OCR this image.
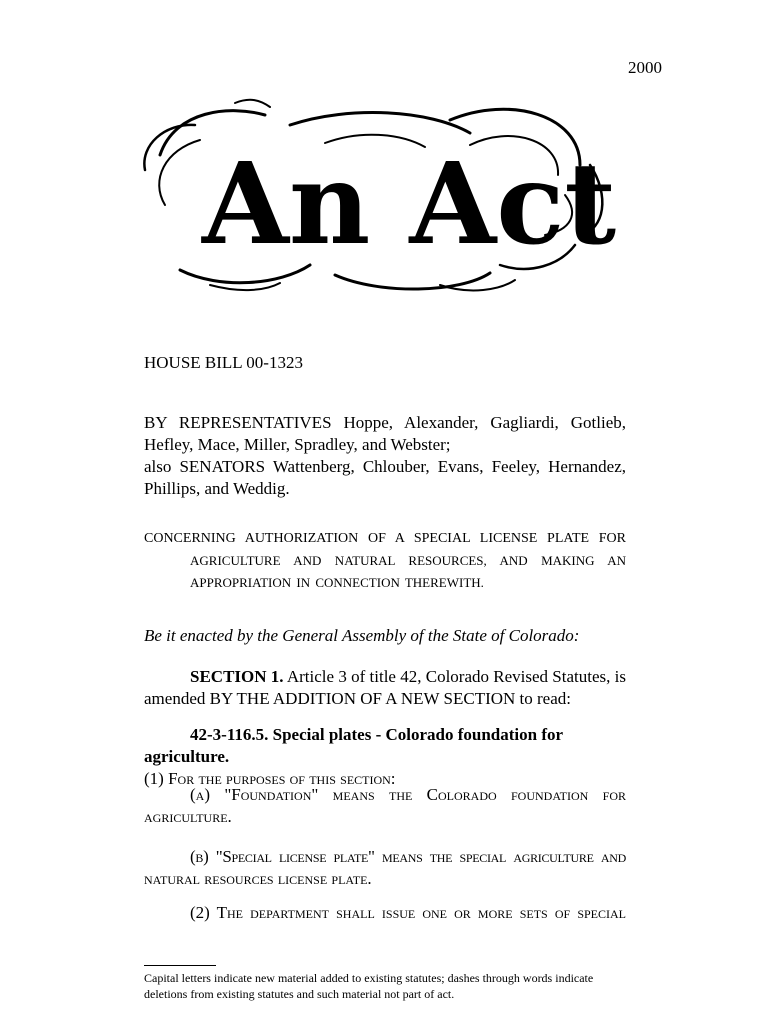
2000
An Act
HOUSE BILL 00-1323

BY REPRESENTATIVES Hoppe, Alexander, Gagliardi, Gotlieb, Hefley, Mace, Miller, Spradley, and Webster;

also SENATORS Wattenberg, Chlouber, Evans, Feeley, Hernandez, Phillips, and Weddig.

CONCERNING AUTHORIZATION OF A SPECIAL LICENSE PLATE FOR
AGRICULTURE AND NATURAL RESOURCES, AND MAKING AN
APPROPRIATION IN CONNECTION THEREWITH.
Be it enacted by the General Assembly of the State of Colorado:

SECTION 1. Article 3 of title 42, Colorado Revised Statutes, is

amended BY THE ADDITION OF A NEW SECTION to read:

42-3-116.5. Special plates - Colorado foundation for agriculture.
(1) For the purposes of this section:
(a) "Foundation" means the Colorado foundation for
agriculture.
(b) "Special license plate" means the special agriculture and
natural resources license plate.
(2) The department shall issue one or more sets of special
Capital letters indicate new material added to existing statutes; dashes through words indicate deletions from existing statutes and such material not part of act.
